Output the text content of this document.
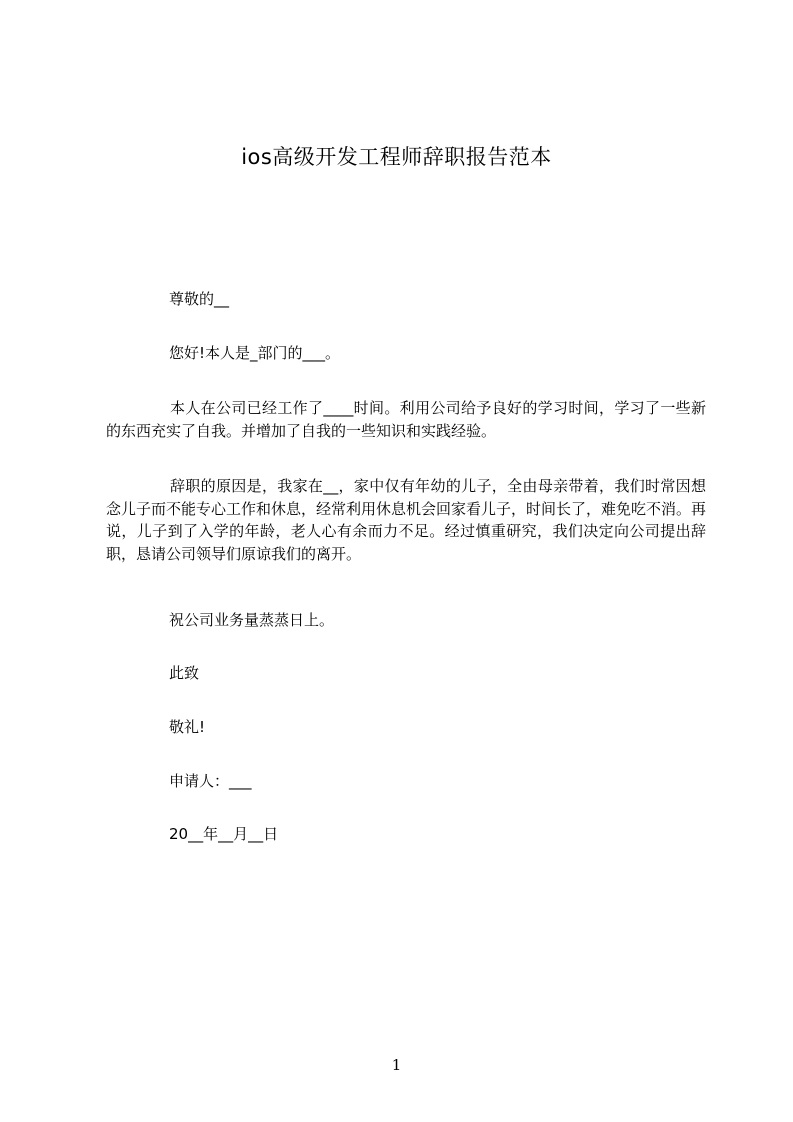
ios高级开发工程师辞职报告范本
尊敬的__
您好!本人是_部门的___。
本人在公司已经工作了____时间。利用公司给予良好的学习时间，学习了一些新的东西充实了自我。并增加了自我的一些知识和实践经验。
辞职的原因是，我家在__，家中仅有年幼的儿子，全由母亲带着，我们时常因想念儿子而不能专心工作和休息，经常利用休息机会回家看儿子，时间长了，难免吃不消。再说，儿子到了入学的年龄，老人心有余而力不足。经过慎重研究，我们决定向公司提出辞职，恳请公司领导们原谅我们的离开。
祝公司业务量蒸蒸日上。
此致
敬礼!
申请人：___
20__年__月__日
1
